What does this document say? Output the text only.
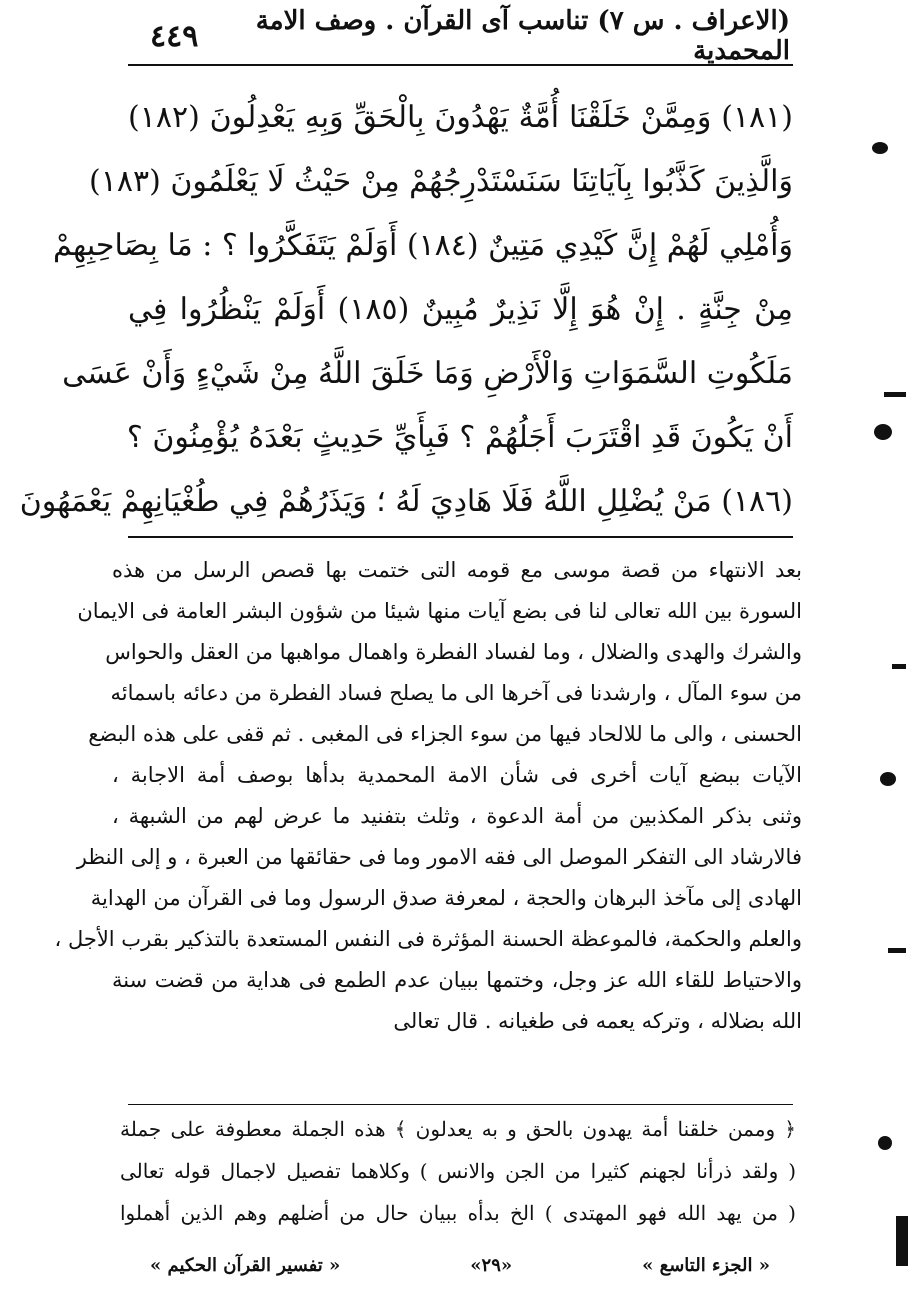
٤٤٩	(الاعراف . س ٧) تناسب آى القرآن . وصف الامة المحمدية
(١٨١) وَمِمَّنْ خَلَقْنَا أُمَّةٌ يَهْدُونَ بِالْحَقِّ وَبِهِ يَعْدِلُونَ (١٨٢)
وَالَّذِينَ كَذَّبُوا بِآيَاتِنَا سَنَسْتَدْرِجُهُمْ مِنْ حَيْثُ لَا يَعْلَمُونَ (١٨٣)
وَأُمْلِي لَهُمْ إِنَّ كَيْدِي مَتِينٌ (١٨٤) أَوَلَمْ يَتَفَكَّرُوا ؟ : مَا بِصَاحِبِهِمْ
مِنْ جِنَّةٍ . إِنْ هُوَ إِلَّا نَذِيرٌ مُبِينٌ (١٨٥) أَوَلَمْ يَنْظُرُوا فِي
مَلَكُوتِ السَّمَوَاتِ وَالْأَرْضِ وَمَا خَلَقَ اللَّهُ مِنْ شَيْءٍ وَأَنْ عَسَى
أَنْ يَكُونَ قَدِ اقْتَرَبَ أَجَلُهُمْ ؟ فَبِأَيِّ حَدِيثٍ بَعْدَهُ يُؤْمِنُونَ ؟
(١٨٦) مَنْ يُضْلِلِ اللَّهُ فَلَا هَادِيَ لَهُ ؛ وَيَذَرُهُمْ فِي طُغْيَانِهِمْ يَعْمَهُونَ
بعد الانتهاء من قصة موسى مع قومه التى ختمت بها قصص الرسل من هذه
السورة بين الله تعالى لنا فى بضع آيات منها شيئا من شؤون البشر العامة فى الايمان
والشرك والهدى والضلال ، وما لفساد الفطرة واهمال مواهبها من العقل والحواس
من سوء المآل ، وارشدنا فى آخرها الى ما يصلح فساد الفطرة من دعائه باسمائه
الحسنى ، والى ما للالحاد فيها من سوء الجزاء فى المغبى . ثم قفى على هذه البضع
الآيات ببضع آيات أخرى فى شأن الامة المحمدية بدأها بوصف أمة الاجابة ،
وثنى بذكر المكذبين من أمة الدعوة ، وثلث بتفنيد ما عرض لهم من الشبهة ،
فالارشاد الى التفكر الموصل الى فقه الامور وما فى حقائقها من العبرة ، و إلى النظر
الهادى إلى مآخذ البرهان والحجة ، لمعرفة صدق الرسول وما فى القرآن من الهداية
والعلم والحكمة، فالموعظة الحسنة المؤثرة فى النفس المستعدة بالتذكير بقرب الأجل ،
والاحتياط للقاء الله عز وجل، وختمها ببيان عدم الطمع فى هداية من قضت سنة
الله بضلاله ، وتركه يعمه فى طغيانه . قال تعالى
﴿ وممن خلقنا أمة يهدون بالحق و به يعدلون ﴾ هذه الجملة معطوفة على جملة
( ولقد ذرأنا لجهنم كثيرا من الجن والانس ) وكلاهما تفصيل لاجمال قوله تعالى
( من يهد الله فهو المهتدى ) الخ بدأه ببيان حال من أضلهم وهم الذين أهملوا
« الجزء التاسع »
«٢٩»
« تفسير القرآن الحكيم »
